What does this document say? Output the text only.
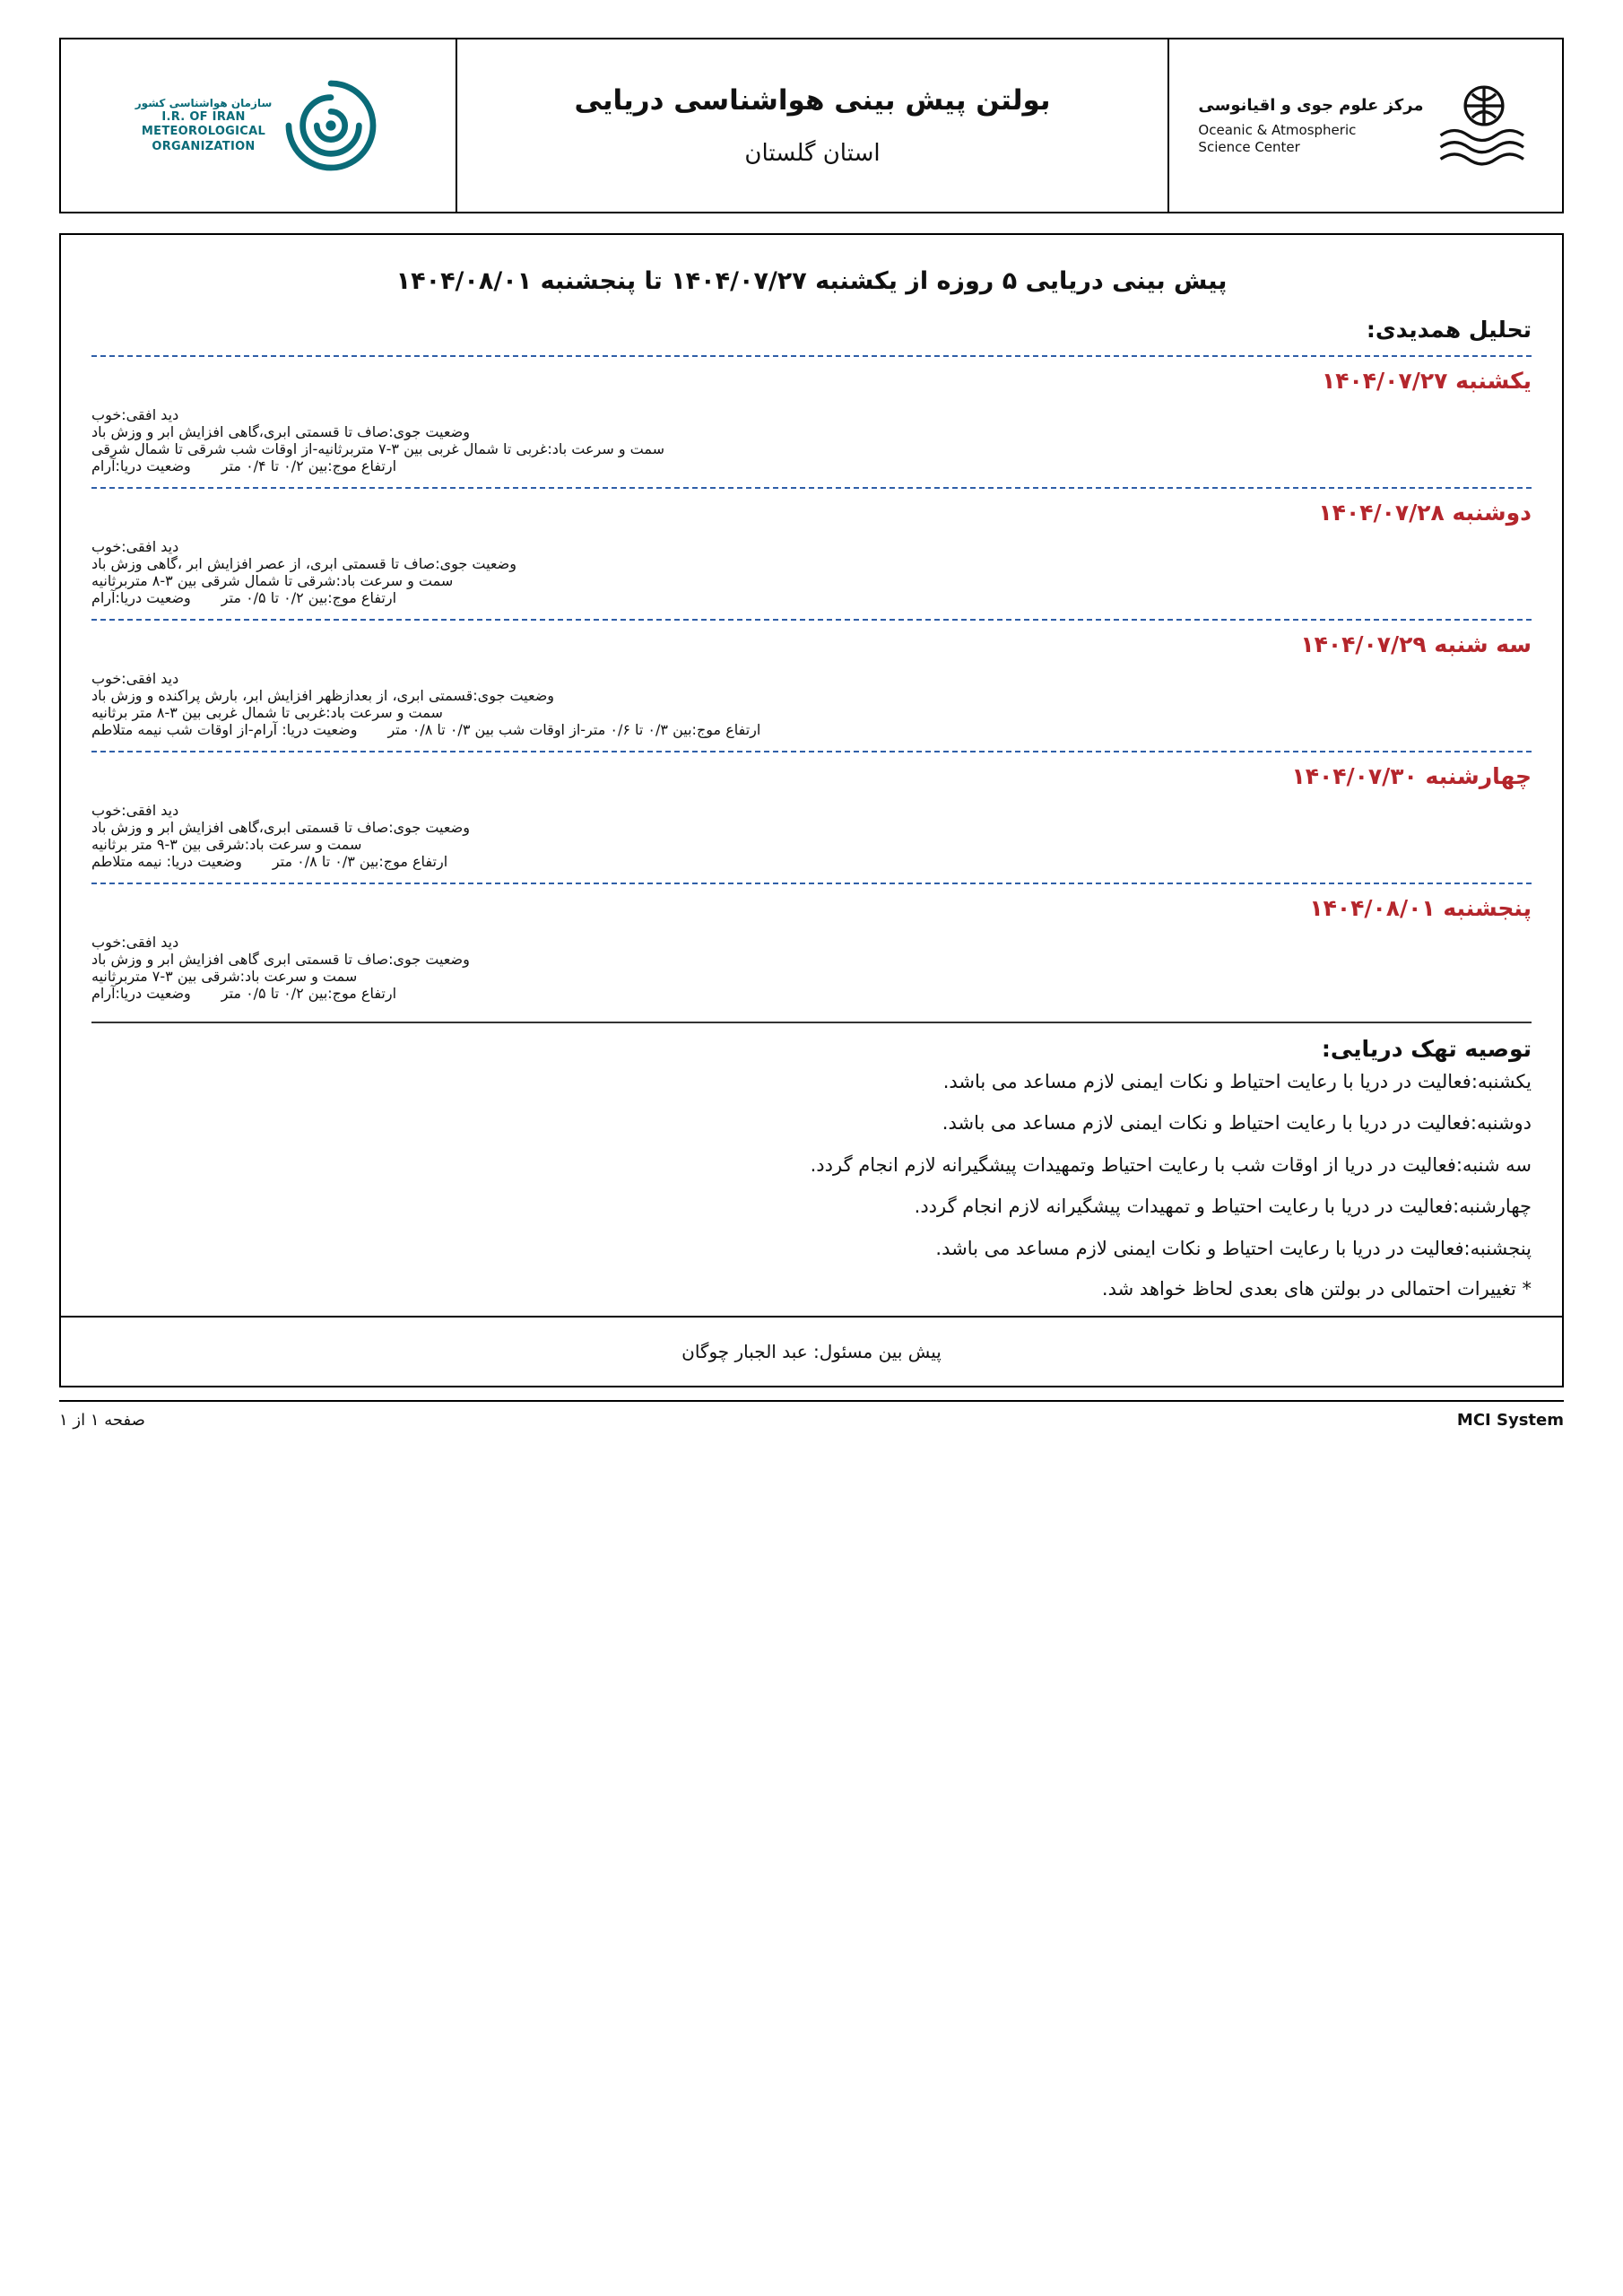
مرکز علوم جوی و اقیانوسی
Oceanic & Atmospheric
Science Center
بولتن پیش بینی هواشناسی دریایی
استان گلستان
سازمان هواشناسی کشور
I.R. OF IRAN
METEOROLOGICAL
ORGANIZATION
پیش بینی دریایی ۵ روزه از یکشنبه ۱۴۰۴/۰۷/۲۷ تا پنجشنبه ۱۴۰۴/۰۸/۰۱
تحلیل همدیدی:
یکشنبه ۱۴۰۴/۰۷/۲۷
دید افقی:
خوب
وضعیت جوی:
صاف تا قسمتی ابری،گاهی افزایش ابر و وزش باد
سمت و سرعت باد:
غربی تا شمال غربی بین ۳-۷ متربرثانیه-از اوقات شب شرقی تا شمال شرقی
ارتفاع موج:
بین ۰/۲ تا ۰/۴ متر
وضعیت دریا:آرام
دوشنبه ۱۴۰۴/۰۷/۲۸
دید افقی:
خوب
وضعیت جوی:
صاف تا قسمتی ابری، از عصر افزایش ابر ،گاهی وزش باد
سمت و سرعت باد:
شرقی تا شمال شرقی بین ۳-۸ متربرثانیه
ارتفاع موج:
بین ۰/۲ تا ۰/۵ متر
وضعیت دریا:آرام
سه شنبه ۱۴۰۴/۰۷/۲۹
دید افقی:
خوب
وضعیت جوی:
قسمتی ابری، از بعدازظهر افزایش ابر، بارش پراکنده و وزش باد
سمت و سرعت باد:
غربی تا شمال غربی بین ۳-۸ متر برثانیه
ارتفاع موج:
بین ۰/۳ تا ۰/۶ متر-از اوقات شب بین ۰/۳ تا ۰/۸ متر
وضعیت دریا: آرام-از اوقات شب نیمه متلاطم
چهارشنبه ۱۴۰۴/۰۷/۳۰
دید افقی:
خوب
وضعیت جوی:
صاف تا قسمتی ابری،گاهی افزایش ابر و وزش باد
سمت و سرعت باد:
شرقی بین ۳-۹ متر برثانیه
ارتفاع موج:
بین ۰/۳ تا ۰/۸ متر
وضعیت دریا: نیمه متلاطم
پنجشنبه ۱۴۰۴/۰۸/۰۱
دید افقی:
خوب
وضعیت جوی:
صاف تا قسمتی ابری گاهی افزایش ابر و وزش باد
سمت و سرعت باد:
شرقی بین ۳-۷ متربرثانیه
ارتفاع موج:
بین ۰/۲ تا ۰/۵ متر
وضعیت دریا:آرام
توصیه تهک دریایی:
یکشنبه:فعالیت در دریا با رعایت احتیاط و نکات ایمنی لازم مساعد می باشد.
دوشنبه:فعالیت در دریا با رعایت احتیاط و نکات ایمنی لازم مساعد می باشد.
سه شنبه:فعالیت در دریا از اوقات شب با رعایت احتیاط وتمهیدات پیشگیرانه لازم انجام گردد.
چهارشنبه:فعالیت در دریا با رعایت احتیاط و تمهیدات پیشگیرانه لازم انجام گردد.
پنجشنبه:فعالیت در دریا با رعایت احتیاط و نکات ایمنی لازم مساعد می باشد.
* تغییرات احتمالی در بولتن های بعدی لحاظ خواهد شد.
پیش بین مسئول: عبد الجبار چوگان
MCI System
صفحه ۱ از ۱
